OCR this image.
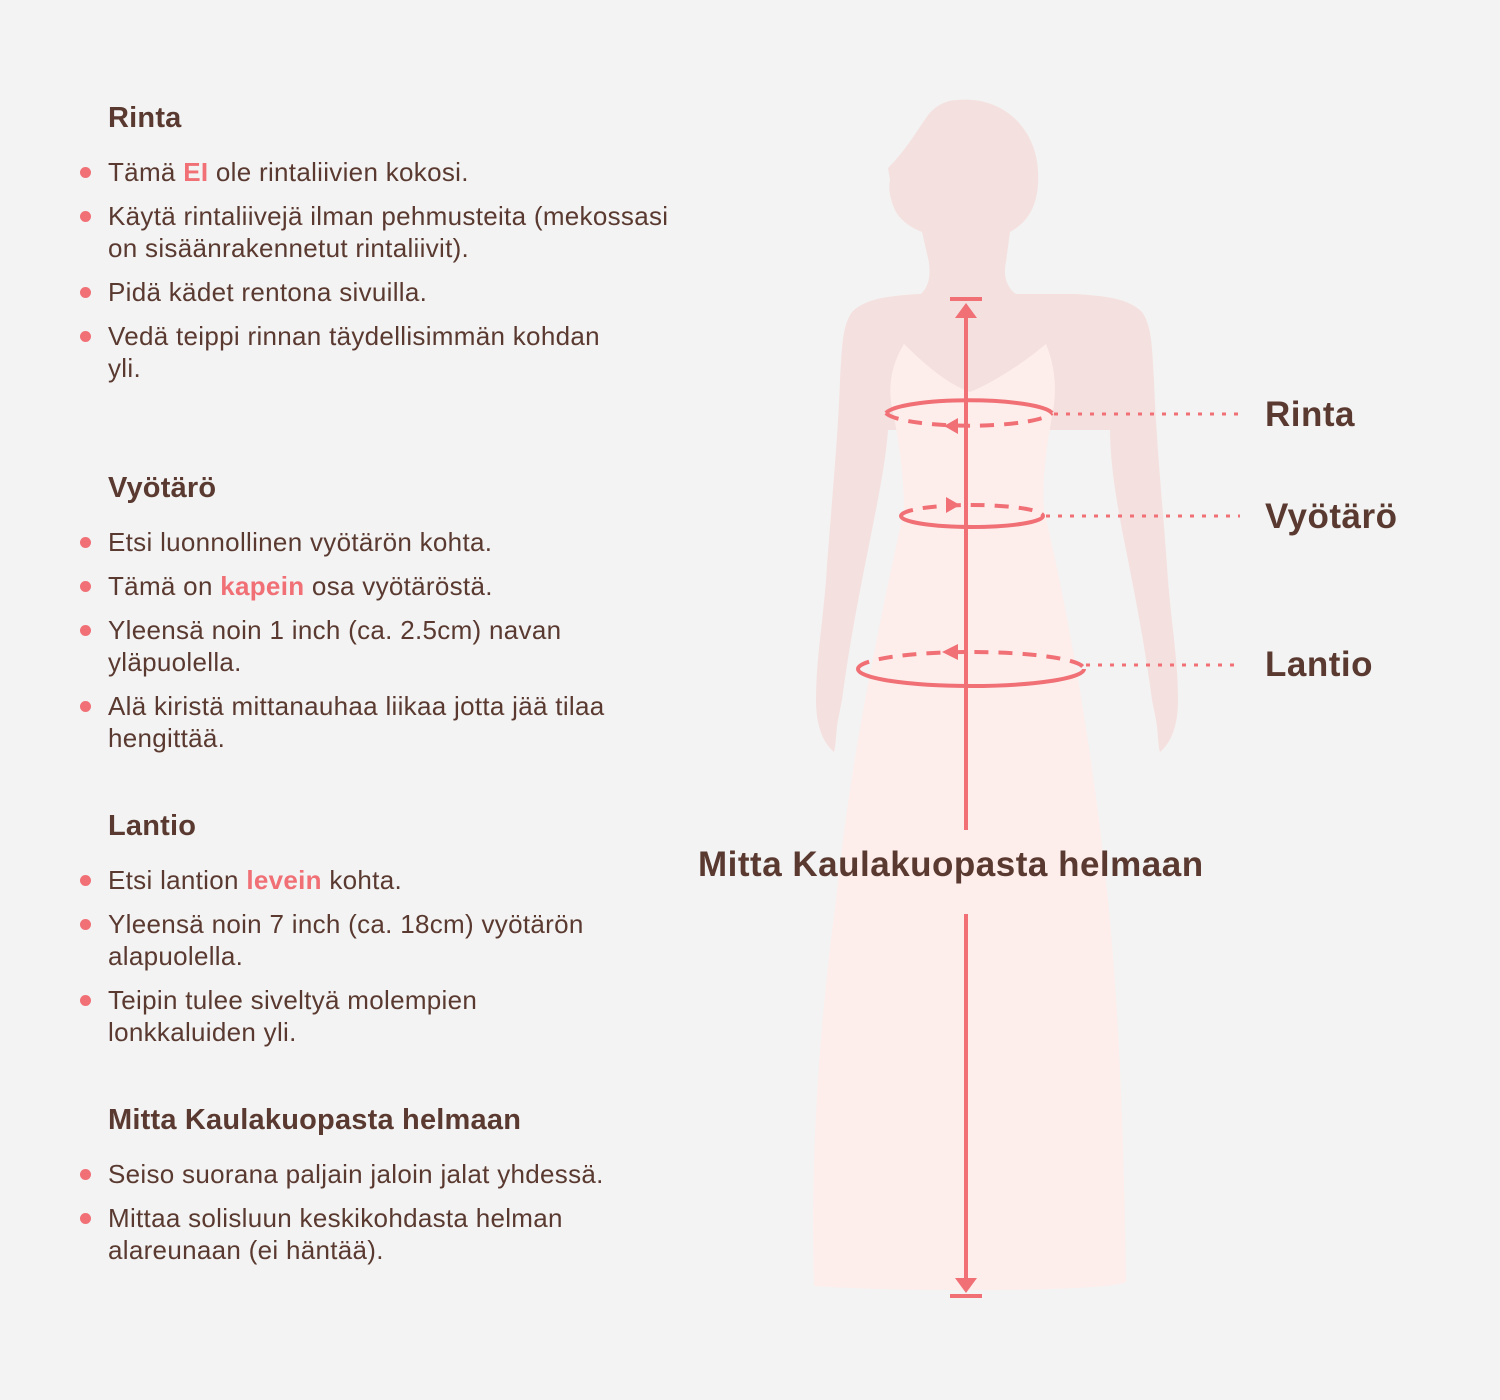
Rinta
Tämä EI ole rintaliivien kokosi.
Käytä rintaliivejä ilman pehmusteita (mekossasi on sisäänrakennetut rintaliivit).
Pidä kädet rentona sivuilla.
Vedä teippi rinnan täydellisimmän kohdan yli.
Vyötärö
Etsi luonnollinen vyötärön kohta.
Tämä on kapein osa vyötäröstä.
Yleensä noin 1 inch (ca. 2.5cm) navan yläpuolella.
Alä kiristä mittanauhaa liikaa jotta jää tilaa hengittää.
Lantio
Etsi lantion levein kohta.
Yleensä noin 7 inch (ca. 18cm) vyötärön alapuolella.
Teipin tulee siveltyä molempien lonkkaluiden yli.
Mitta Kaulakuopasta helmaan
Seiso suorana paljain jaloin jalat yhdessä.
Mittaa solisluun keskikohdasta helman alareunaan (ei häntää).
Rinta
Vyötärö
Lantio
Mitta Kaulakuopasta helmaan
